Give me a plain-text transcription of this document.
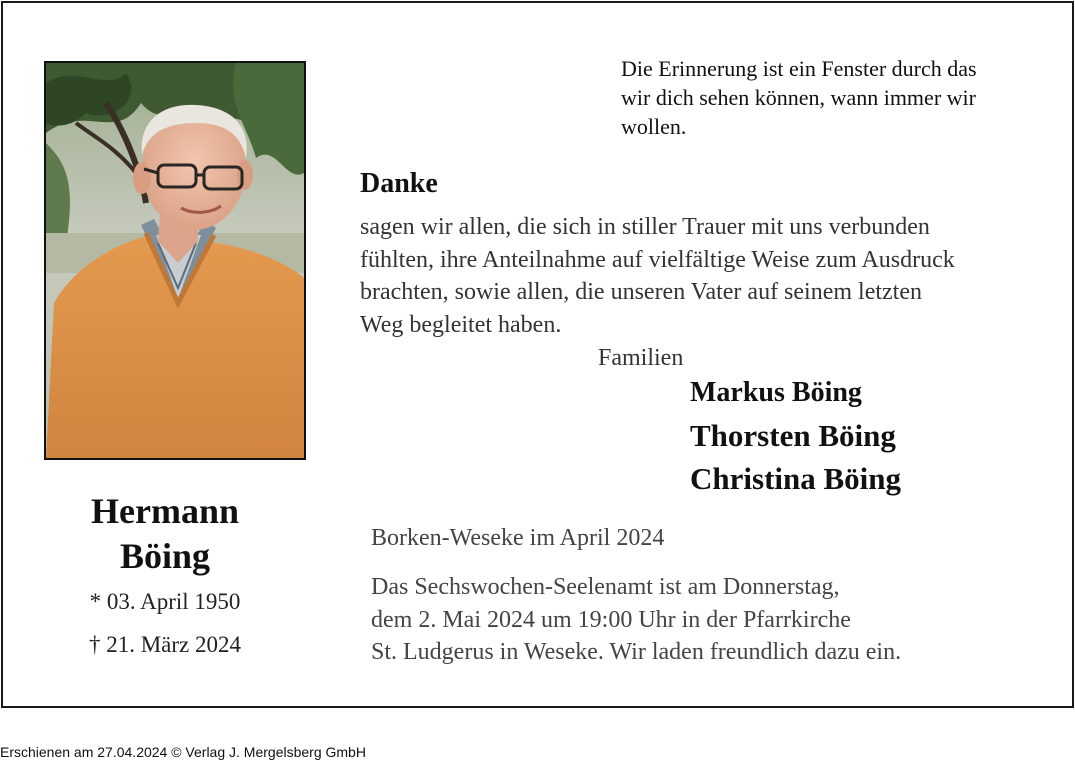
Hermann
Böing
* 03. April 1950
† 21. März 2024
Die Erinnerung ist ein Fenster durch das
wir dich sehen können, wann immer wir
wollen.
Danke
sagen wir allen, die sich in stiller Trauer mit uns verbunden
fühlten, ihre Anteilnahme auf vielfältige Weise zum Ausdruck
brachten, sowie allen, die unseren Vater auf seinem letzten
Weg begleitet haben.
Familien
Markus Böing
Thorsten Böing
Christina Böing
Borken-Weseke im April 2024
Das Sechswochen-Seelenamt ist am Donnerstag,
dem 2. Mai 2024 um 19:00 Uhr in der Pfarrkirche
St. Ludgerus in Weseke. Wir laden freundlich dazu ein.
Erschienen am 27.04.2024 © Verlag J. Mergelsberg GmbH
